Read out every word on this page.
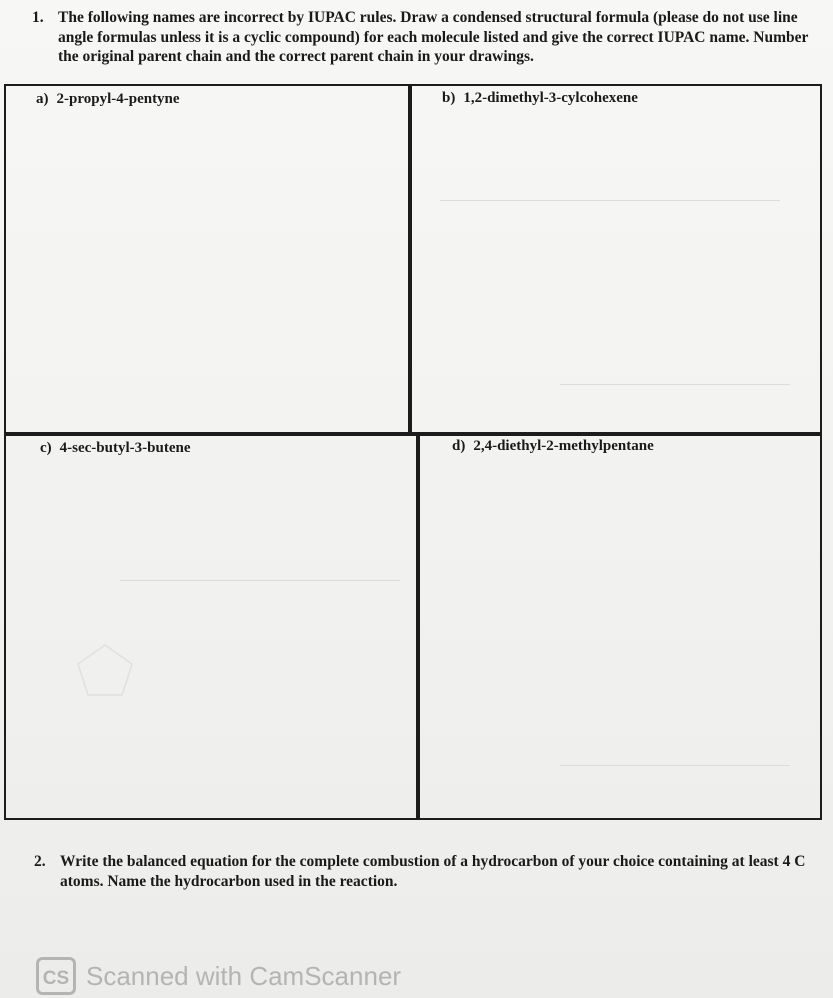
1. The following names are incorrect by IUPAC rules. Draw a condensed structural formula (please do not use line angle formulas unless it is a cyclic compound) for each molecule listed and give the correct IUPAC name. Number the original parent chain and the correct parent chain in your drawings.
a) 2-propyl-4-pentyne	b) 1,2-dimethyl-3-cylcohexene
c) 4-sec-butyl-3-butene	d) 2,4-diethyl-2-methylpentane
2. Write the balanced equation for the complete combustion of a hydrocarbon of your choice containing at least 4 C atoms. Name the hydrocarbon used in the reaction.
CS Scanned with CamScanner
